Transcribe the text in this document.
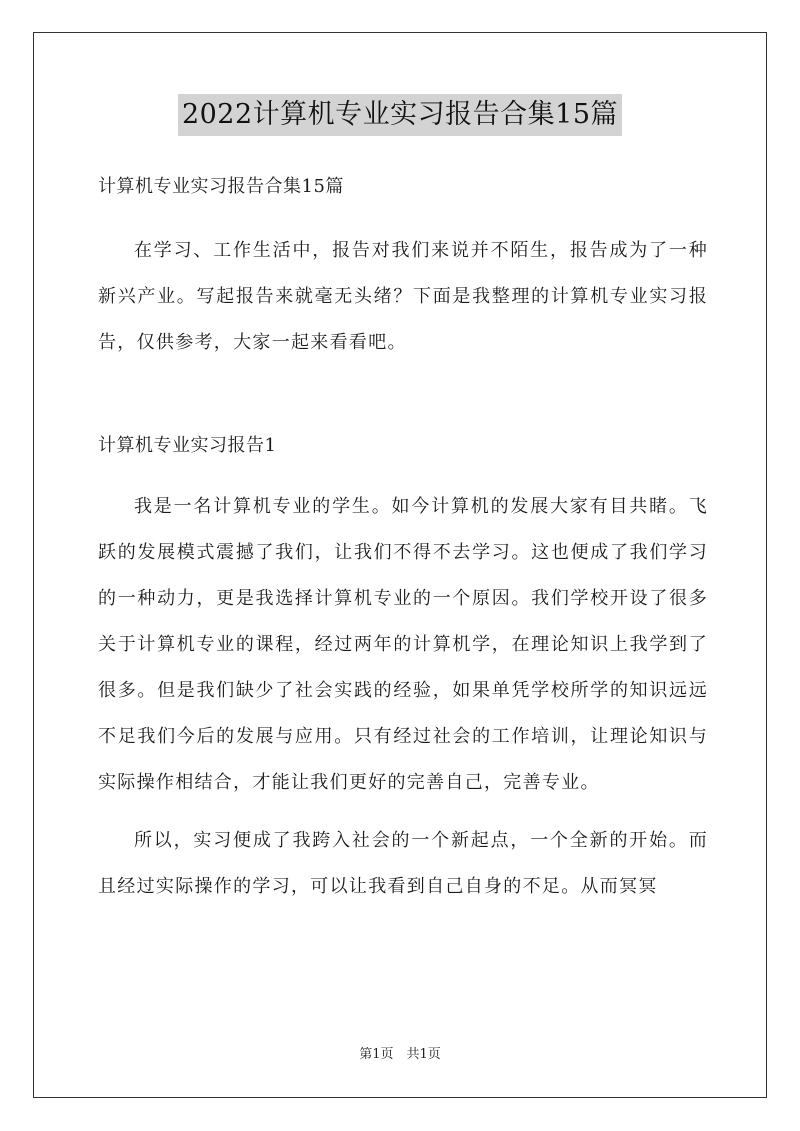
2022计算机专业实习报告合集15篇

计算机专业实习报告合集15篇

在学习、工作生活中，报告对我们来说并不陌生，报告成为了一种新兴产业。写起报告来就毫无头绪？下面是我整理的计算机专业实习报告，仅供参考，大家一起来看看吧。

计算机专业实习报告1

我是一名计算机专业的学生。如今计算机的发展大家有目共睹。飞跃的发展模式震撼了我们，让我们不得不去学习。这也便成了我们学习的一种动力，更是我选择计算机专业的一个原因。我们学校开设了很多关于计算机专业的课程，经过两年的计算机学，在理论知识上我学到了很多。但是我们缺少了社会实践的经验，如果单凭学校所学的知识远远不足我们今后的发展与应用。只有经过社会的工作培训，让理论知识与实际操作相结合，才能让我们更好的完善自己，完善专业。

所以，实习便成了我跨入社会的一个新起点，一个全新的开始。而且经过实际操作的学习，可以让我看到自己自身的不足。从而冥冥

第1页　共1页
